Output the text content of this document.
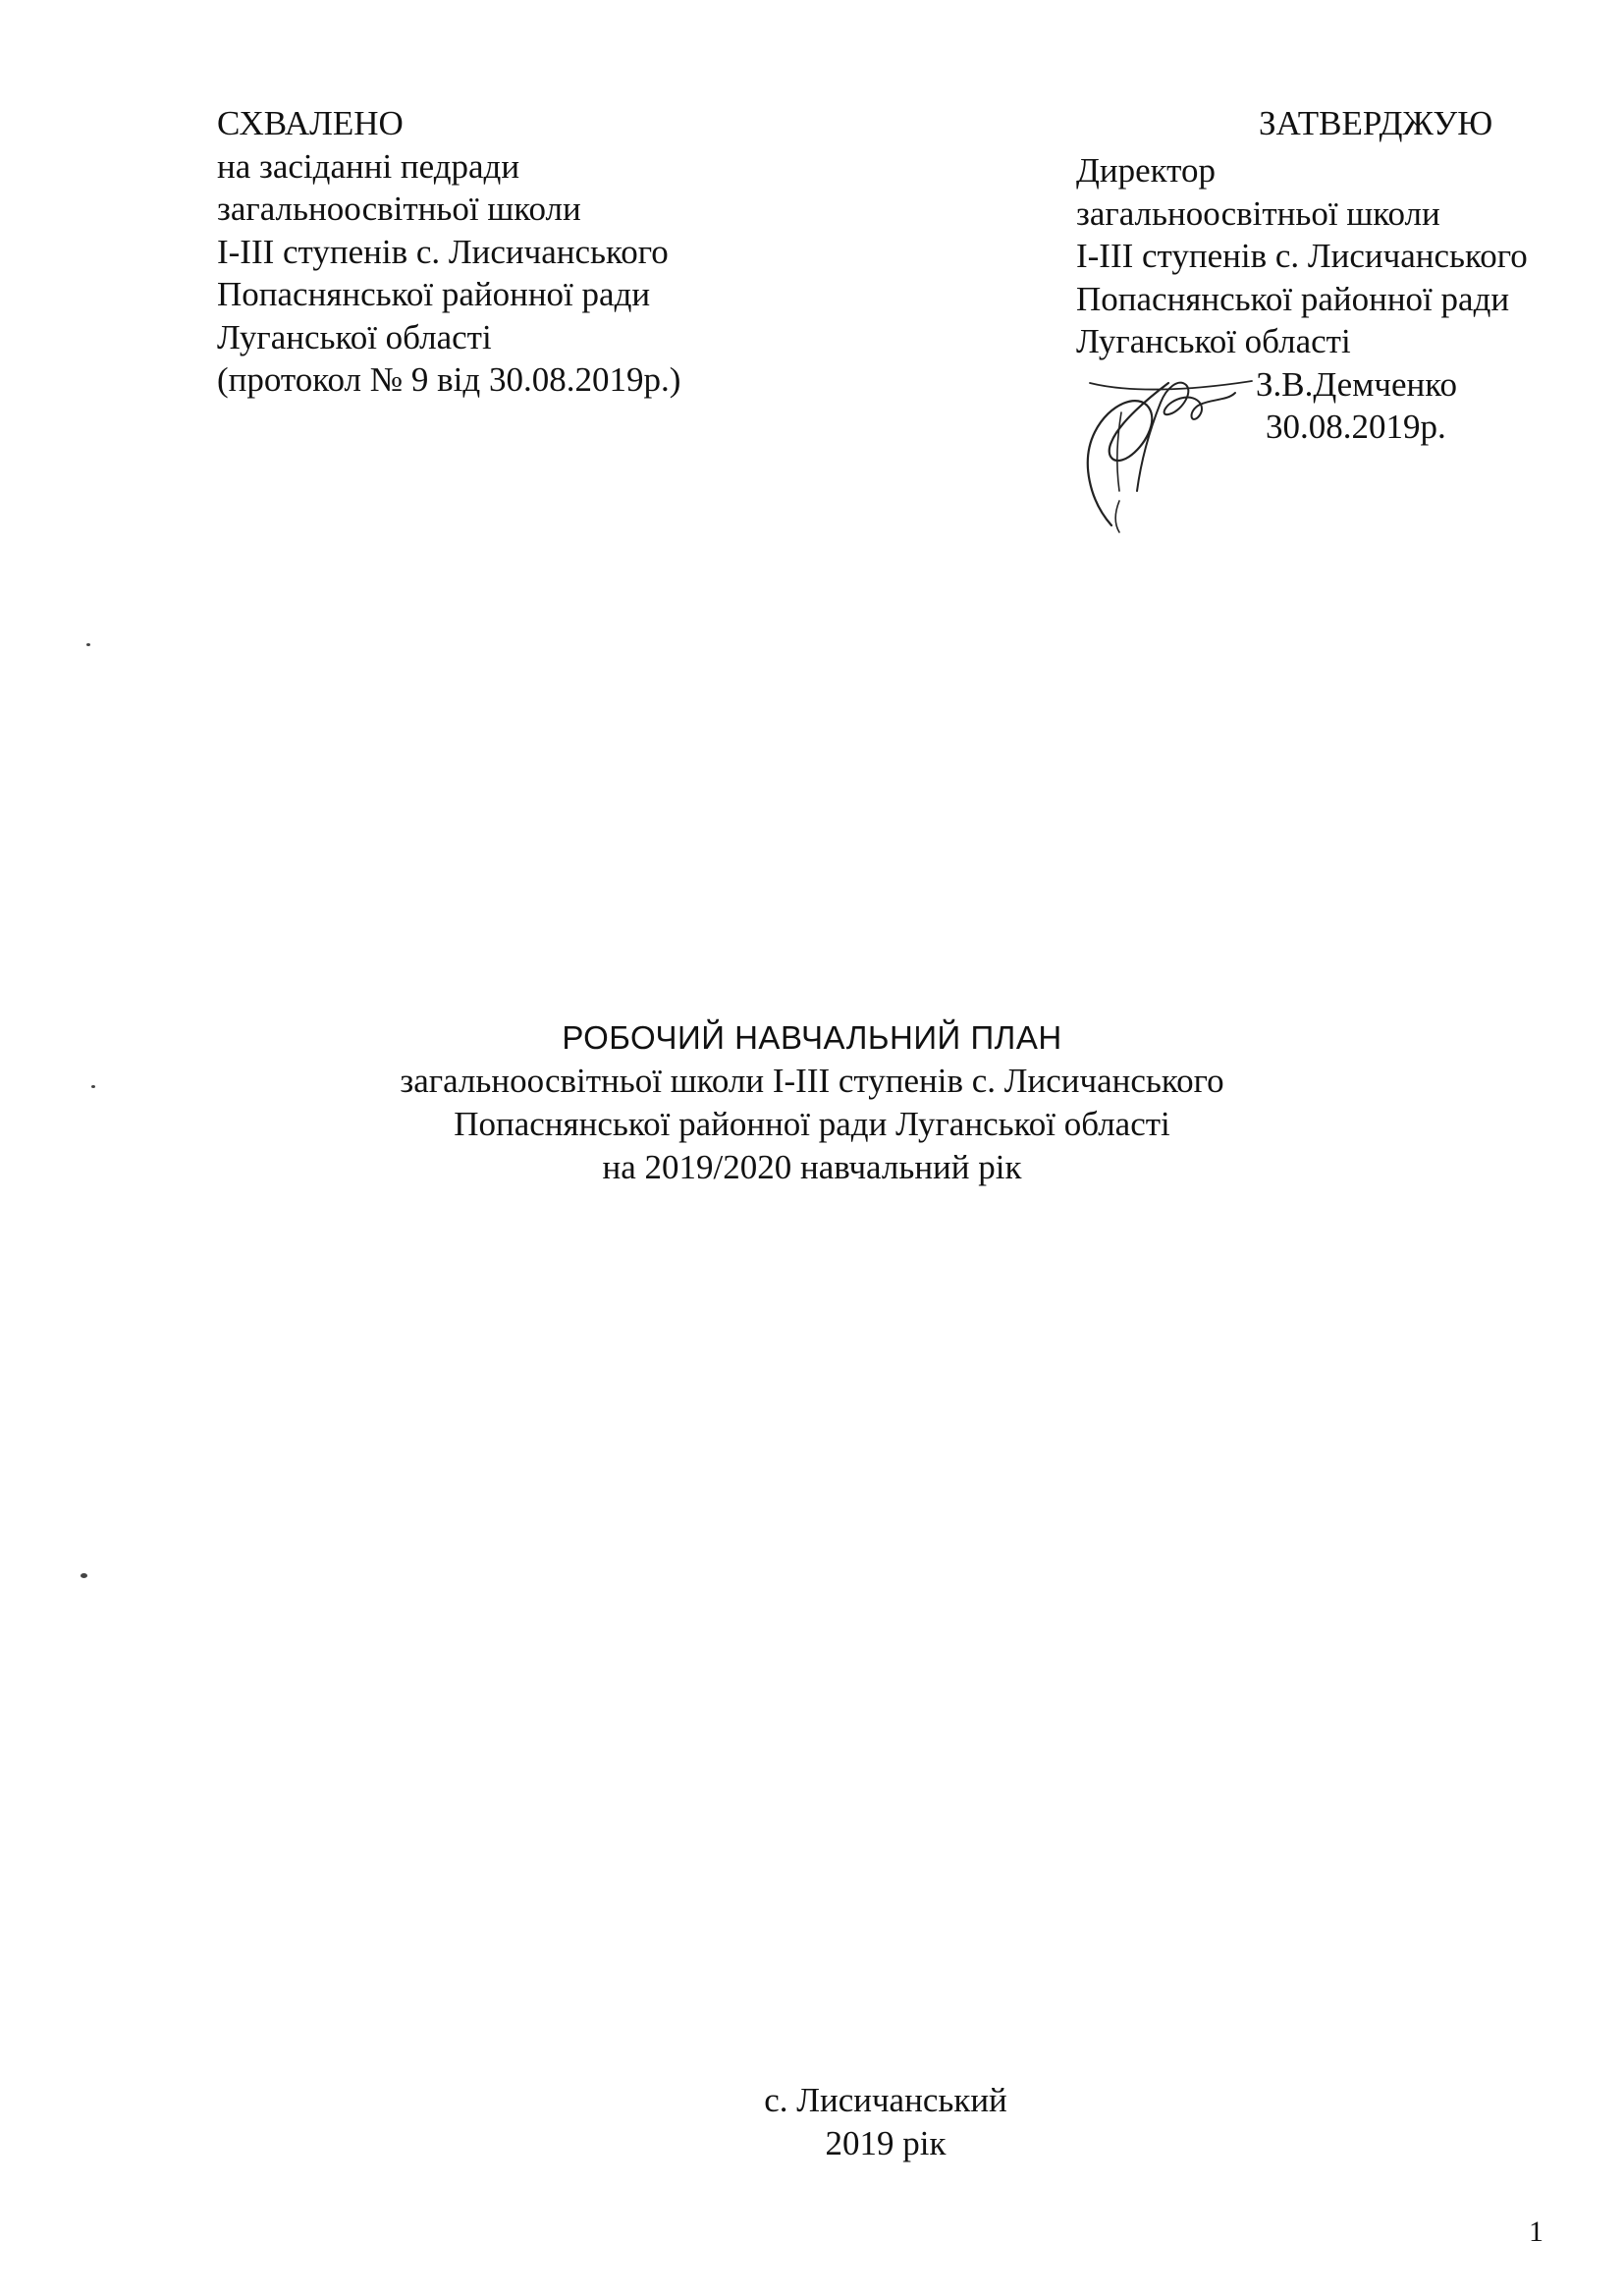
СХВАЛЕНО
на засіданні педради
загальноосвітньої школи
І-ІІІ ступенів с. Лисичанського
Попаснянської районної ради
Луганської області
(протокол № 9 від 30.08.2019р.)
ЗАТВЕРДЖУЮ
Директор
загальноосвітньої школи
І-ІІІ ступенів с. Лисичанського
Попаснянської районної ради
Луганської області
З.В.Демченко
30.08.2019р.
РОБОЧИЙ НАВЧАЛЬНИЙ ПЛАН
загальноосвітньої школи І-ІІІ ступенів с. Лисичанського
Попаснянської районної ради Луганської області
на 2019/2020 навчальний рік
с. Лисичанський
2019 рік
1
